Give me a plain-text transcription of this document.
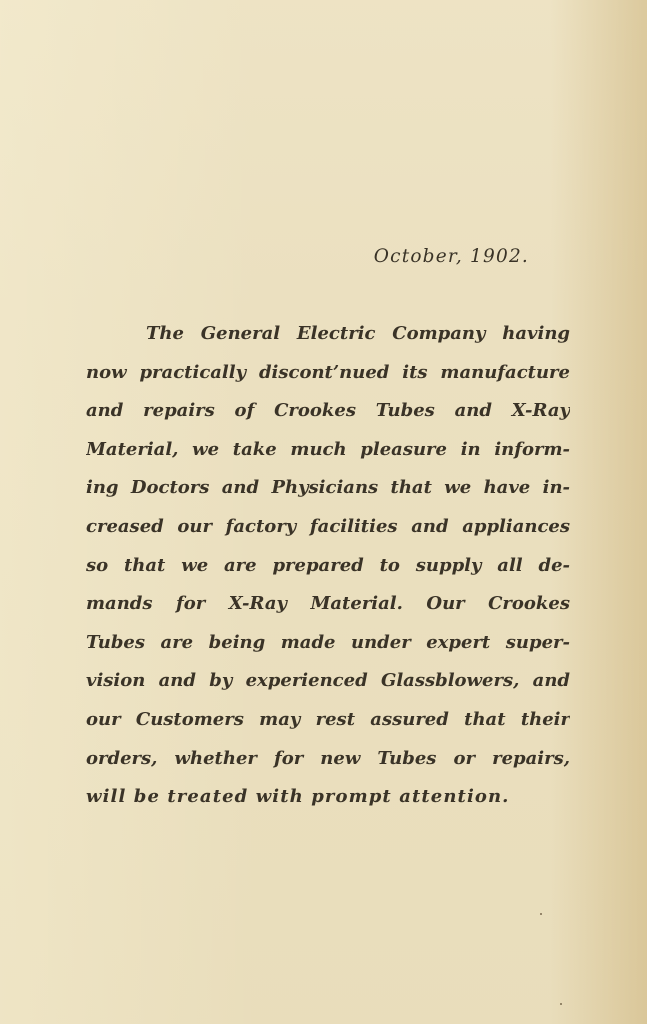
October, 1902.
The General Electric Company having
now practically discont’nued its manufacture
and repairs of Crookes Tubes and X-Ray
Material, we take much pleasure in inform-
ing Doctors and Physicians that we have in-
creased our factory facilities and appliances
so that we are prepared to supply all de-
mands for X-Ray Material. Our Crookes
Tubes are being made under expert super-
vision and by experienced Glassblowers, and
our Customers may rest assured that their
orders, whether for new Tubes or repairs,
will be treated with prompt attention.
